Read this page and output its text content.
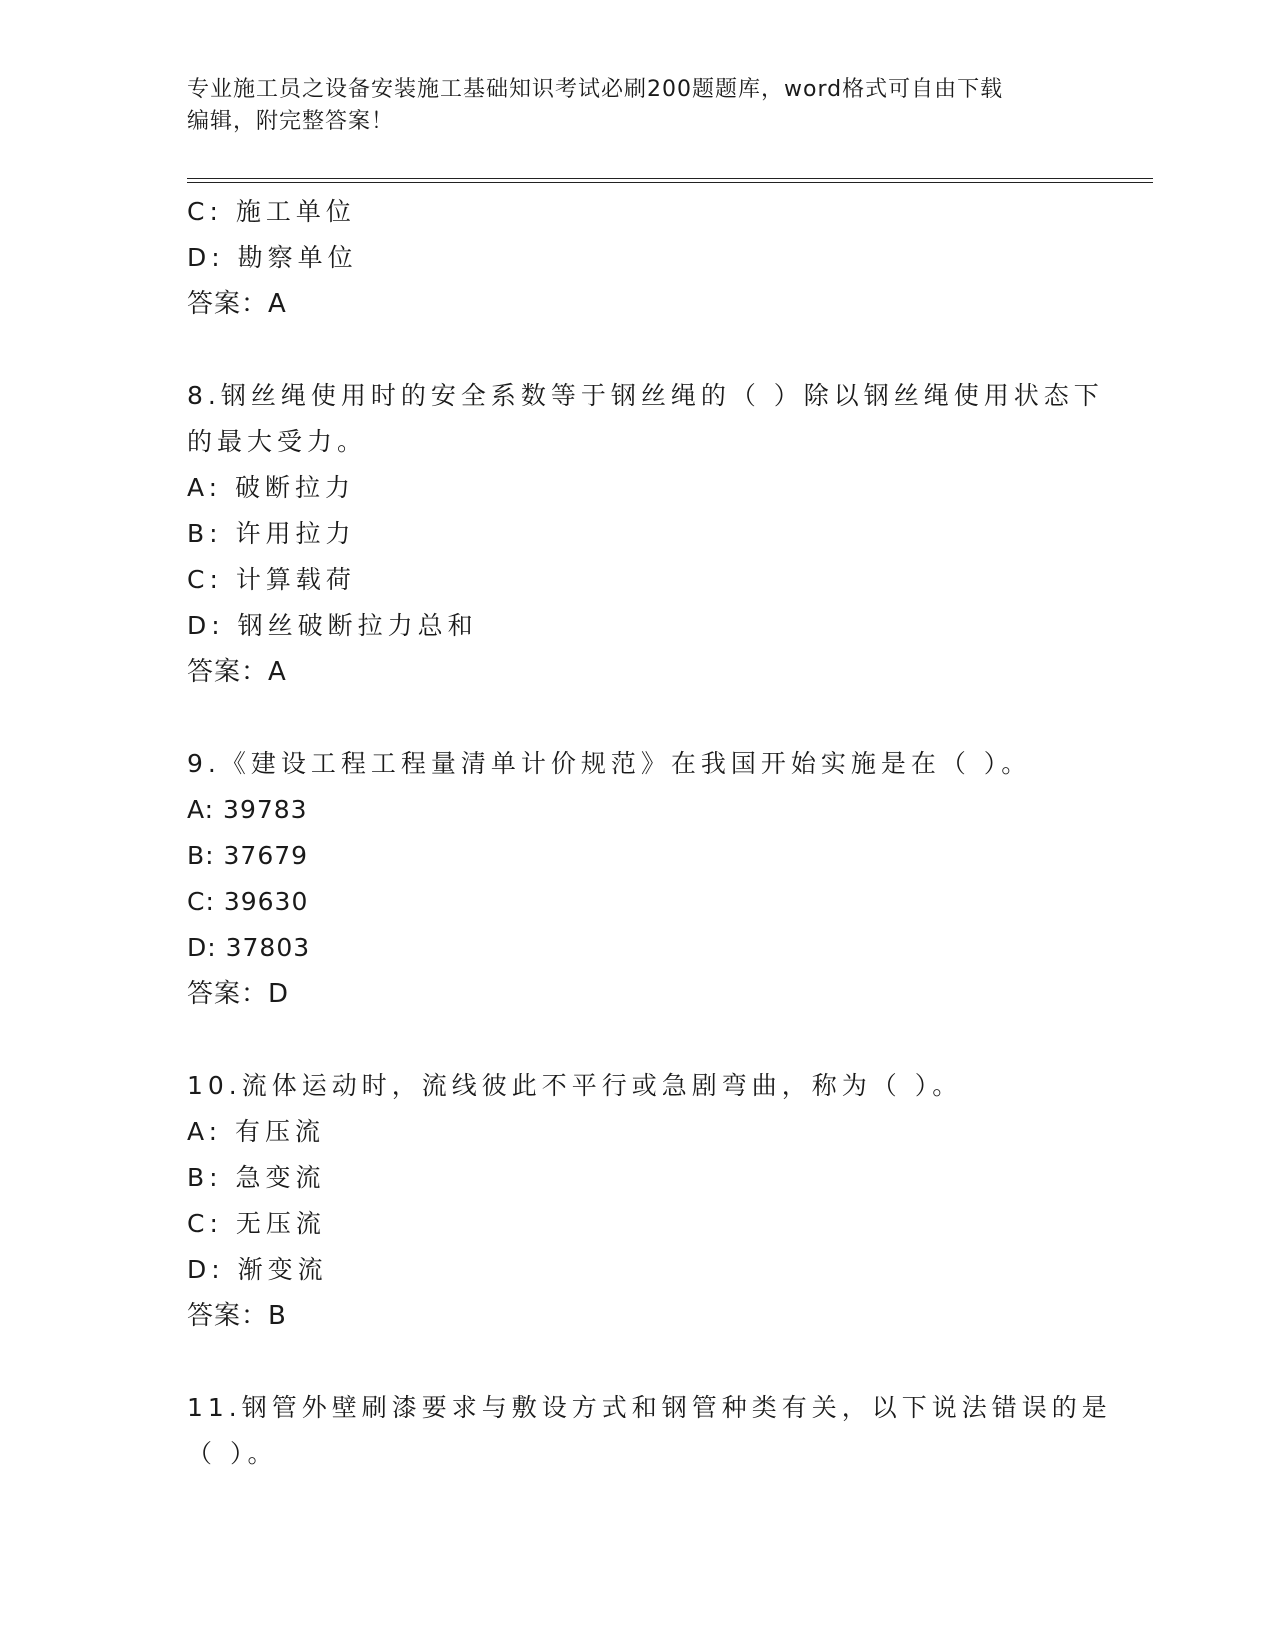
专业施工员之设备安装施工基础知识考试必刷200题题库，word格式可自由下载
编辑，附完整答案！
C: 施工单位
D: 勘察单位
答案：A
8.钢丝绳使用时的安全系数等于钢丝绳的（ ）除以钢丝绳使用状态下
的最大受力。
A: 破断拉力
B: 许用拉力
C: 计算载荷
D: 钢丝破断拉力总和
答案：A
9.《建设工程工程量清单计价规范》在我国开始实施是在（ ）。
A: 39783
B: 37679
C: 39630
D: 37803
答案：D
10.流体运动时，流线彼此不平行或急剧弯曲，称为（ ）。
A: 有压流
B: 急变流
C: 无压流
D: 渐变流
答案：B
11.钢管外壁刷漆要求与敷设方式和钢管种类有关，以下说法错误的是
（ ）。
